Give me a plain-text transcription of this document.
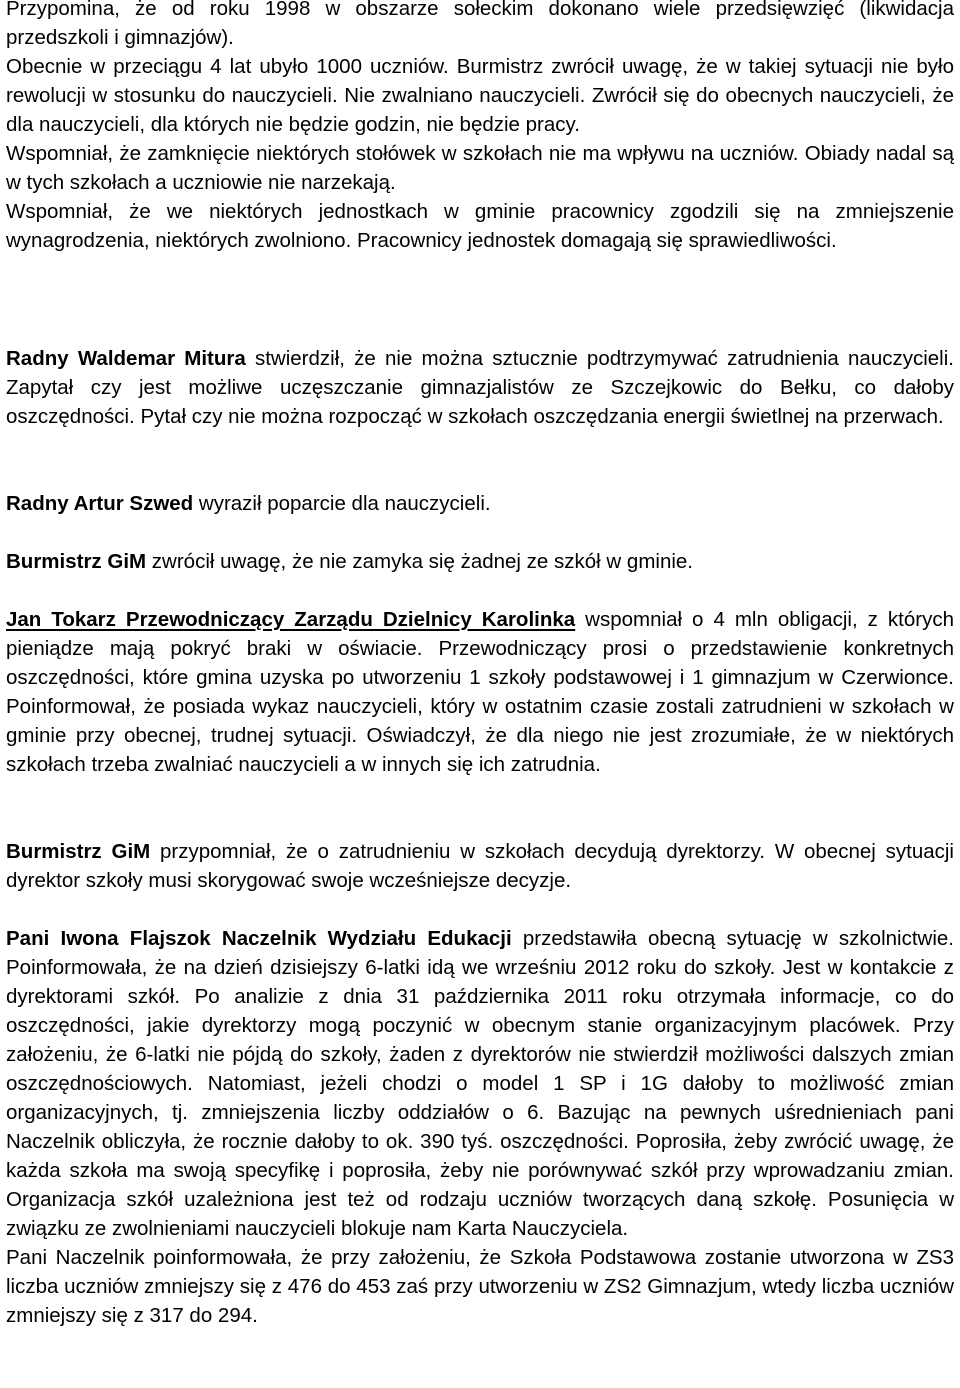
Przypomina, że od roku 1998 w obszarze sołeckim dokonano wiele przedsięwzięć (likwidacja przedszkoli i gimnazjów).

Obecnie w przeciągu 4 lat ubyło 1000 uczniów. Burmistrz zwrócił uwagę, że w takiej sytuacji nie było rewolucji w stosunku do nauczycieli. Nie zwalniano nauczycieli. Zwrócił się do obecnych nauczycieli, że dla nauczycieli, dla których nie będzie godzin, nie będzie pracy.

Wspomniał, że zamknięcie niektórych stołówek w szkołach nie ma wpływu na uczniów. Obiady nadal są w tych szkołach a uczniowie nie narzekają.

Wspomniał, że we niektórych jednostkach w gminie pracownicy zgodzili się na zmniejszenie wynagrodzenia, niektórych zwolniono. Pracownicy jednostek domagają się sprawiedliwości.

Radny Waldemar Mitura stwierdził, że nie można sztucznie podtrzymywać zatrudnienia nauczycieli. Zapytał czy jest możliwe uczęszczanie gimnazjalistów ze Szczejkowic do Bełku, co dałoby oszczędności. Pytał czy nie można rozpocząć w szkołach oszczędzania energii świetlnej na przerwach.

Radny Artur Szwed wyraził poparcie dla nauczycieli.

Burmistrz GiM zwrócił uwagę, że nie zamyka się żadnej ze szkół w gminie.

Jan Tokarz Przewodniczący Zarządu Dzielnicy Karolinka wspomniał o 4 mln obligacji, z których pieniądze mają pokryć braki w oświacie. Przewodniczący prosi o przedstawienie konkretnych oszczędności, które gmina uzyska po utworzeniu 1 szkoły podstawowej i 1 gimnazjum w Czerwionce. Poinformował, że posiada wykaz nauczycieli, który w ostatnim czasie zostali zatrudnieni w szkołach w gminie przy obecnej, trudnej sytuacji. Oświadczył, że dla niego nie jest zrozumiałe, że w niektórych szkołach trzeba zwalniać nauczycieli a w innych się ich zatrudnia.

Burmistrz GiM przypomniał, że o zatrudnieniu w szkołach decydują dyrektorzy. W obecnej sytuacji dyrektor szkoły musi skorygować swoje wcześniejsze decyzje.

Pani Iwona Flajszok Naczelnik Wydziału Edukacji przedstawiła obecną sytuację w szkolnictwie. Poinformowała, że na dzień dzisiejszy 6-latki idą we wrześniu 2012 roku do szkoły. Jest w kontakcie z dyrektorami szkół. Po analizie z dnia 31 października 2011 roku otrzymała informacje, co do oszczędności, jakie dyrektorzy mogą poczynić w obecnym stanie organizacyjnym placówek. Przy założeniu, że 6-latki nie pójdą do szkoły, żaden z dyrektorów nie stwierdził możliwości dalszych zmian oszczędnościowych. Natomiast, jeżeli chodzi o model 1 SP i 1G dałoby to możliwość zmian organizacyjnych, tj. zmniejszenia liczby oddziałów o 6. Bazując na pewnych uśrednieniach pani Naczelnik obliczyła, że rocznie dałoby to ok. 390 tyś. oszczędności. Poprosiła, żeby zwrócić uwagę, że każda szkoła ma swoją specyfikę i poprosiła, żeby nie porównywać szkół przy wprowadzaniu zmian. Organizacja szkół uzależniona jest też od rodzaju uczniów tworzących daną szkołę. Posunięcia w związku ze zwolnieniami nauczycieli blokuje nam Karta Nauczyciela.

Pani Naczelnik poinformowała, że przy założeniu, że Szkoła Podstawowa zostanie utworzona w ZS3 liczba uczniów zmniejszy się z 476 do 453 zaś przy utworzeniu w ZS2 Gimnazjum, wtedy liczba uczniów zmniejszy się z 317 do 294.
